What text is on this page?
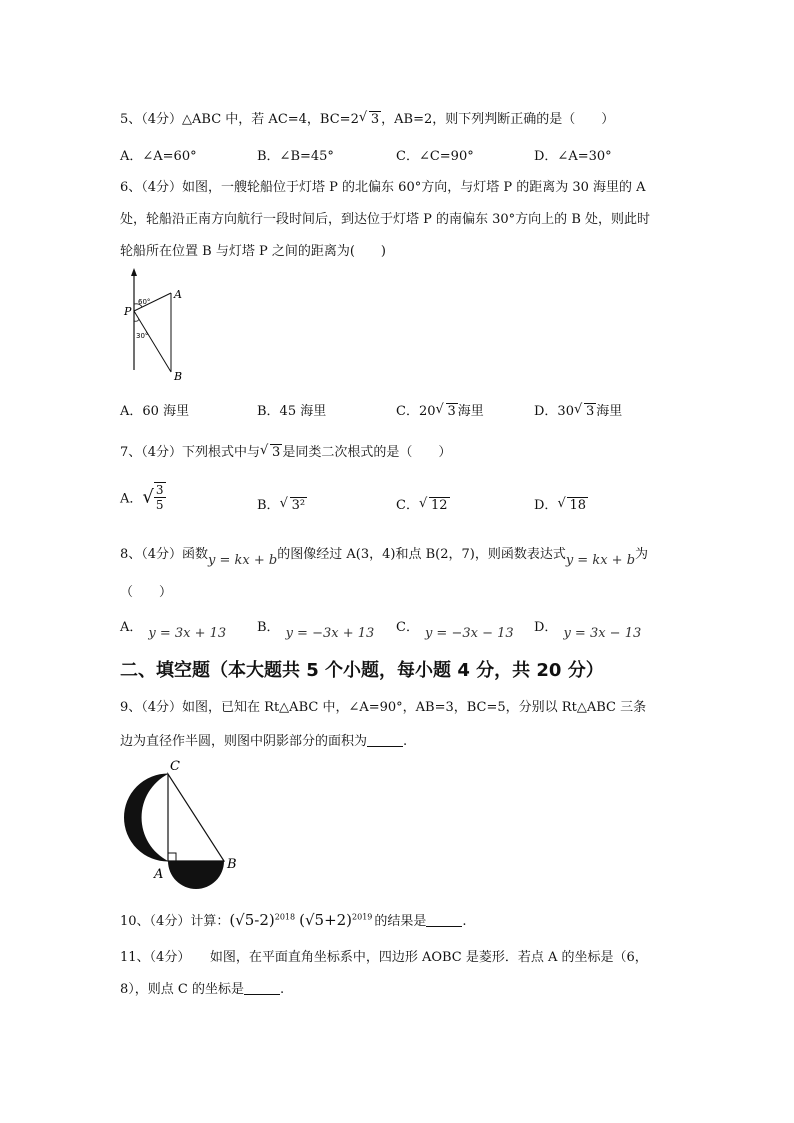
5、（4分）△ABC 中，若 AC=4，BC=2 √ 3 ，AB=2，则下列判断正确的是（　　）
A．∠A=60°	B．∠B=45°	C．∠C=90°	D．∠A=30°
6、（4分）如图，一艘轮船位于灯塔 P 的北偏东 60°方向，与灯塔 P 的距离为 30 海里的 A
处，轮船沿正南方向航行一段时间后，到达位于灯塔 P 的南偏东 30°方向上的 B 处，则此时
轮船所在位置 B 与灯塔 P 之间的距离为(　　)
P
A
B
60°
30°
A．60 海里	B．45 海里	C．20 √ 3 海里	D．30 √ 3 海里
7、（4分）下列根式中与 √ 3 是同类二次根式的是（　　）
A．√ $\frac{3}{5}$	B． √ 3²	C． √ 12	D． √ 18
8、（4分）函数y = kx + b的图像经过 A(3，4)和点 B(2，7)，则函数表达式y = kx + b为
（　　）
A． y = 3x + 13 B． y = −3x + 13 C． y = −3x − 13 D． y = 3x − 13
二、填空题（本大题共 5 个小题，每小题 4 分，共 20 分）
9、（4分）如图，已知在 Rt△ABC 中，∠A=90°，AB=3，BC=5，分别以 Rt△ABC 三条
边为直径作半圆，则图中阴影部分的面积为	.
C
A
B
10、（4分）计算：$(√5-2)^{2018}$ $(√5+2)^{2019}$ 的结果是	.
11、（4分）　　如图，在平面直角坐标系中，四边形 AOBC 是菱形．若点 A 的坐标是（6，
8），则点 C 的坐标是	.
